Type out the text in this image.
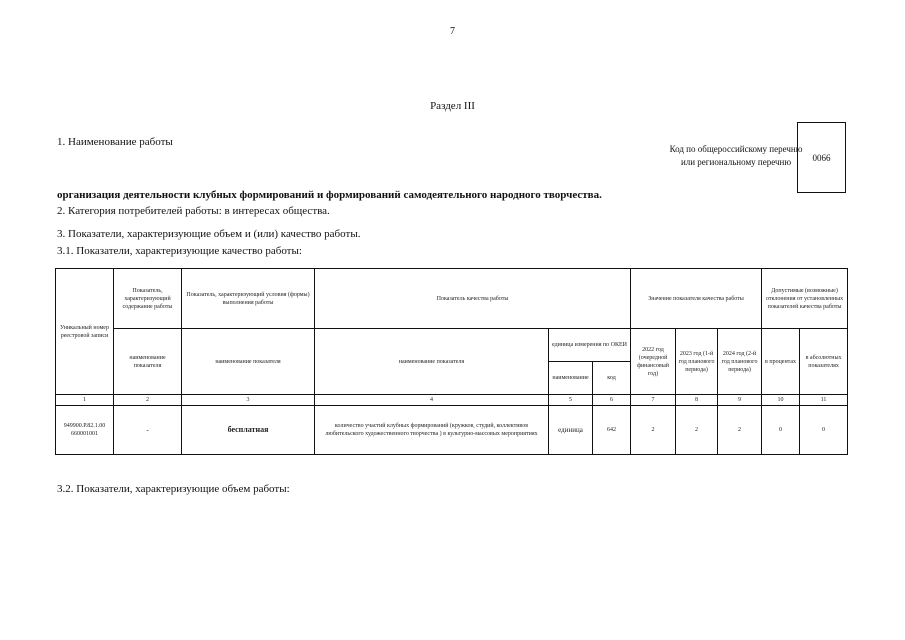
7
Раздел III
1. Наименование работы
Код по общероссийскому перечню или региональному перечню	0066
организация деятельности клубных формирований и формирований самодеятельного народного творчества.
2. Категория потребителей работы: в интересах общества.
3. Показатели, характеризующие объем и (или) качество работы.
3.1. Показатели, характеризующие качество работы:
Уникальный номер реестровой записи	Показатель, характеризующий содержание работы	Показатель, характеризующий условия (формы) выполнения работы	Показатель качества работы			Значение показателя качества работы			Допустимые (возможные) отклонения от установленных показателей качества работы	
	наименование показателя	наименование показателя	наименование показателя	единица измерения по ОКЕИ		2022 год (очередной финансовый год)	2023 год (1-й год планового периода)	2024 год (2-й год планового периода)	в процентах	в абсолютных показателях
				наименование	код					
1	2	3	4	5	6	7	8	9	10	11
949900.Р.82.1.00 660001001	-	бесплатная	количество участий клубных формирований (кружков, студий, коллективов любительского художественного творчества ) в культурно-массовых мероприятиях	единица	642	2	2	2	0	0
3.2. Показатели, характеризующие объем работы:
